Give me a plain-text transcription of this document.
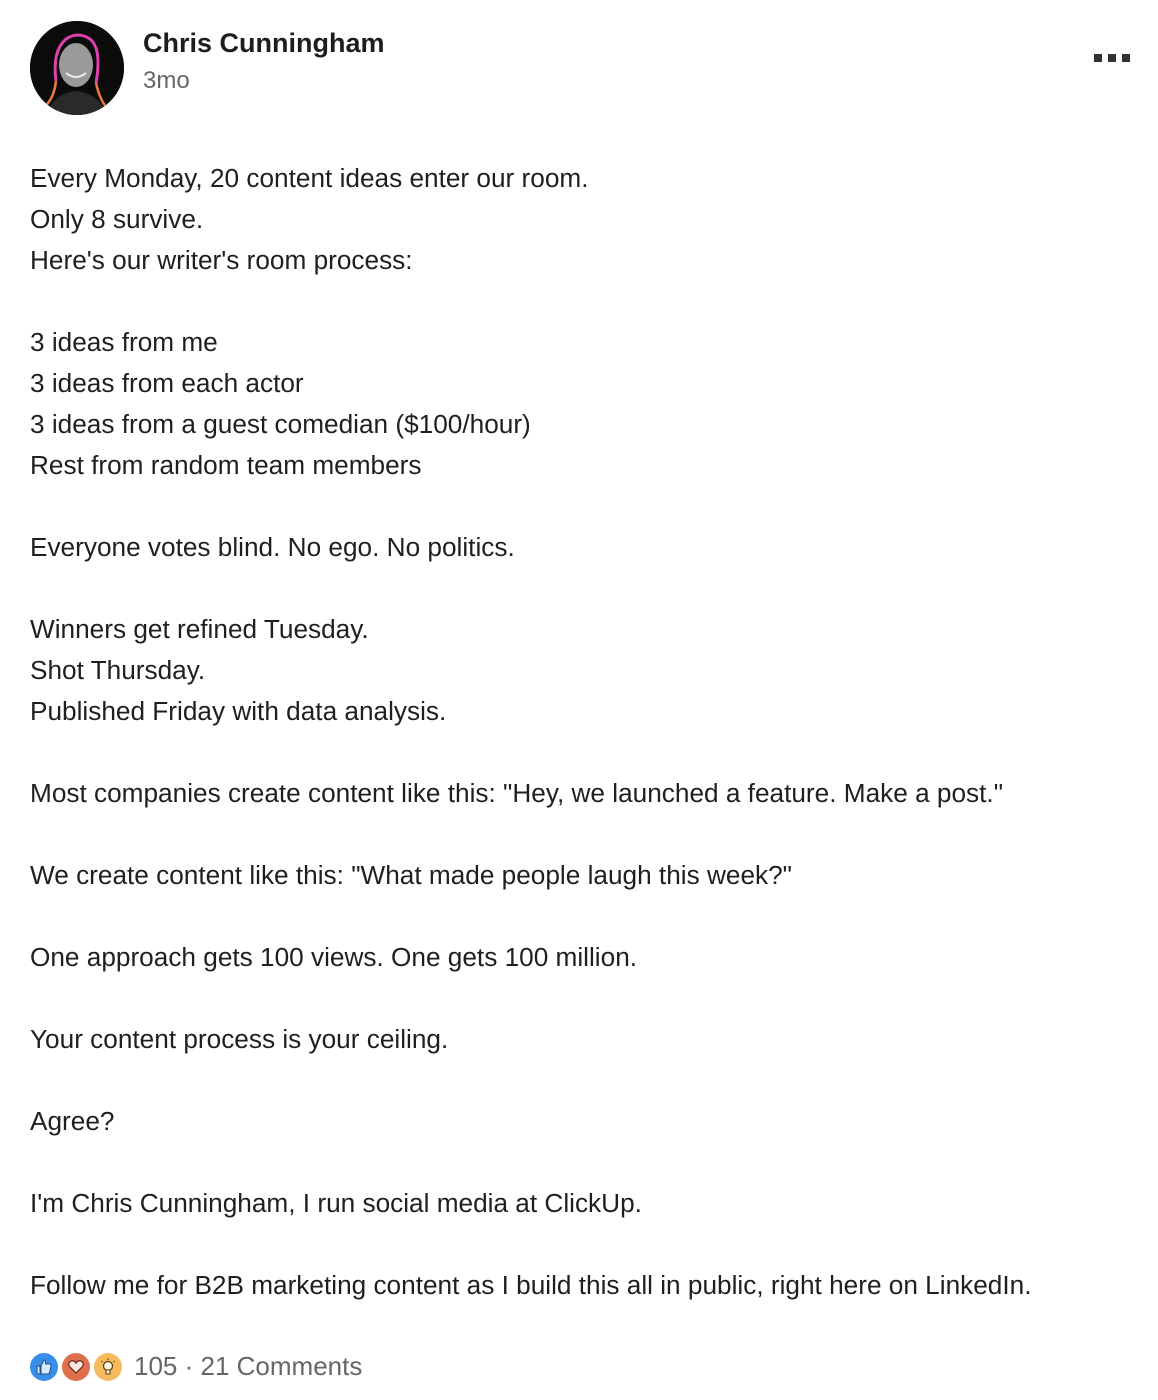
Chris Cunningham
3mo
Every Monday, 20 content ideas enter our room.
Only 8 survive.
Here's our writer's room process:
3 ideas from me
3 ideas from each actor
3 ideas from a guest comedian ($100/hour)
Rest from random team members
Everyone votes blind. No ego. No politics.
Winners get refined Tuesday.
Shot Thursday.
Published Friday with data analysis.
Most companies create content like this: "Hey, we launched a feature. Make a post."
We create content like this: "What made people laugh this week?"
One approach gets 100 views. One gets 100 million.
Your content process is your ceiling.
Agree?
I'm Chris Cunningham, I run social media at ClickUp.
Follow me for B2B marketing content as I build this all in public, right here on LinkedIn.
105 · 21 Comments
